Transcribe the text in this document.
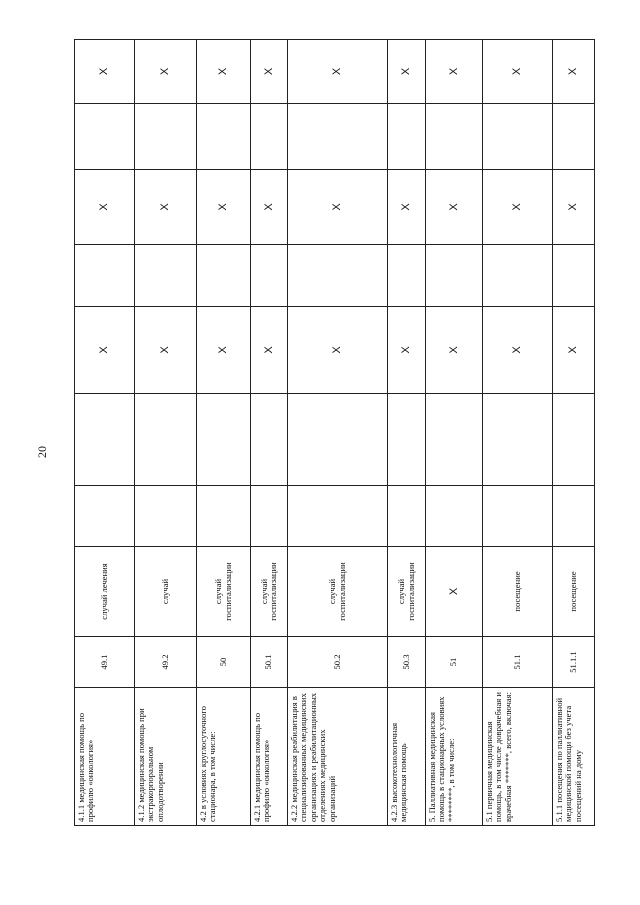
20
4.1.1 медицинская помощь по профилю «онкология»	49.1	случай лечения			X		X		X
4.1.2 медицинская помощь при экстракорпоральном оплодотворении	49.2	случай			X		X		X
4.2 в условиях круглосуточного стационара, в том числе:	50	случай госпитализации			X		X		X
4.2.1 медицинская помощь по профилю «онкология»	50.1	случай госпитализации			X		X		X
4.2.2 медицинская реабилитация в специализированных медицинских организациях и реабилитационных отделениях медицинских организаций	50.2	случай госпитализации			X		X		X
4.2.3 высокотехнологичная медицинская помощь	50.3	случай госпитализации			X		X		X
5. Паллиативная медицинская помощь в стационарных условиях ********, в том числе:	51	X			X		X		X
5.1 первичная медицинская помощь, в том числе доврачебная и врачебная *******, всего, включая:	51.1	посещение			X		X		X
5.1.1 посещения по паллиативной медицинской помощи без учета посещений на дому	51.1.1	посещение			X		X		X
